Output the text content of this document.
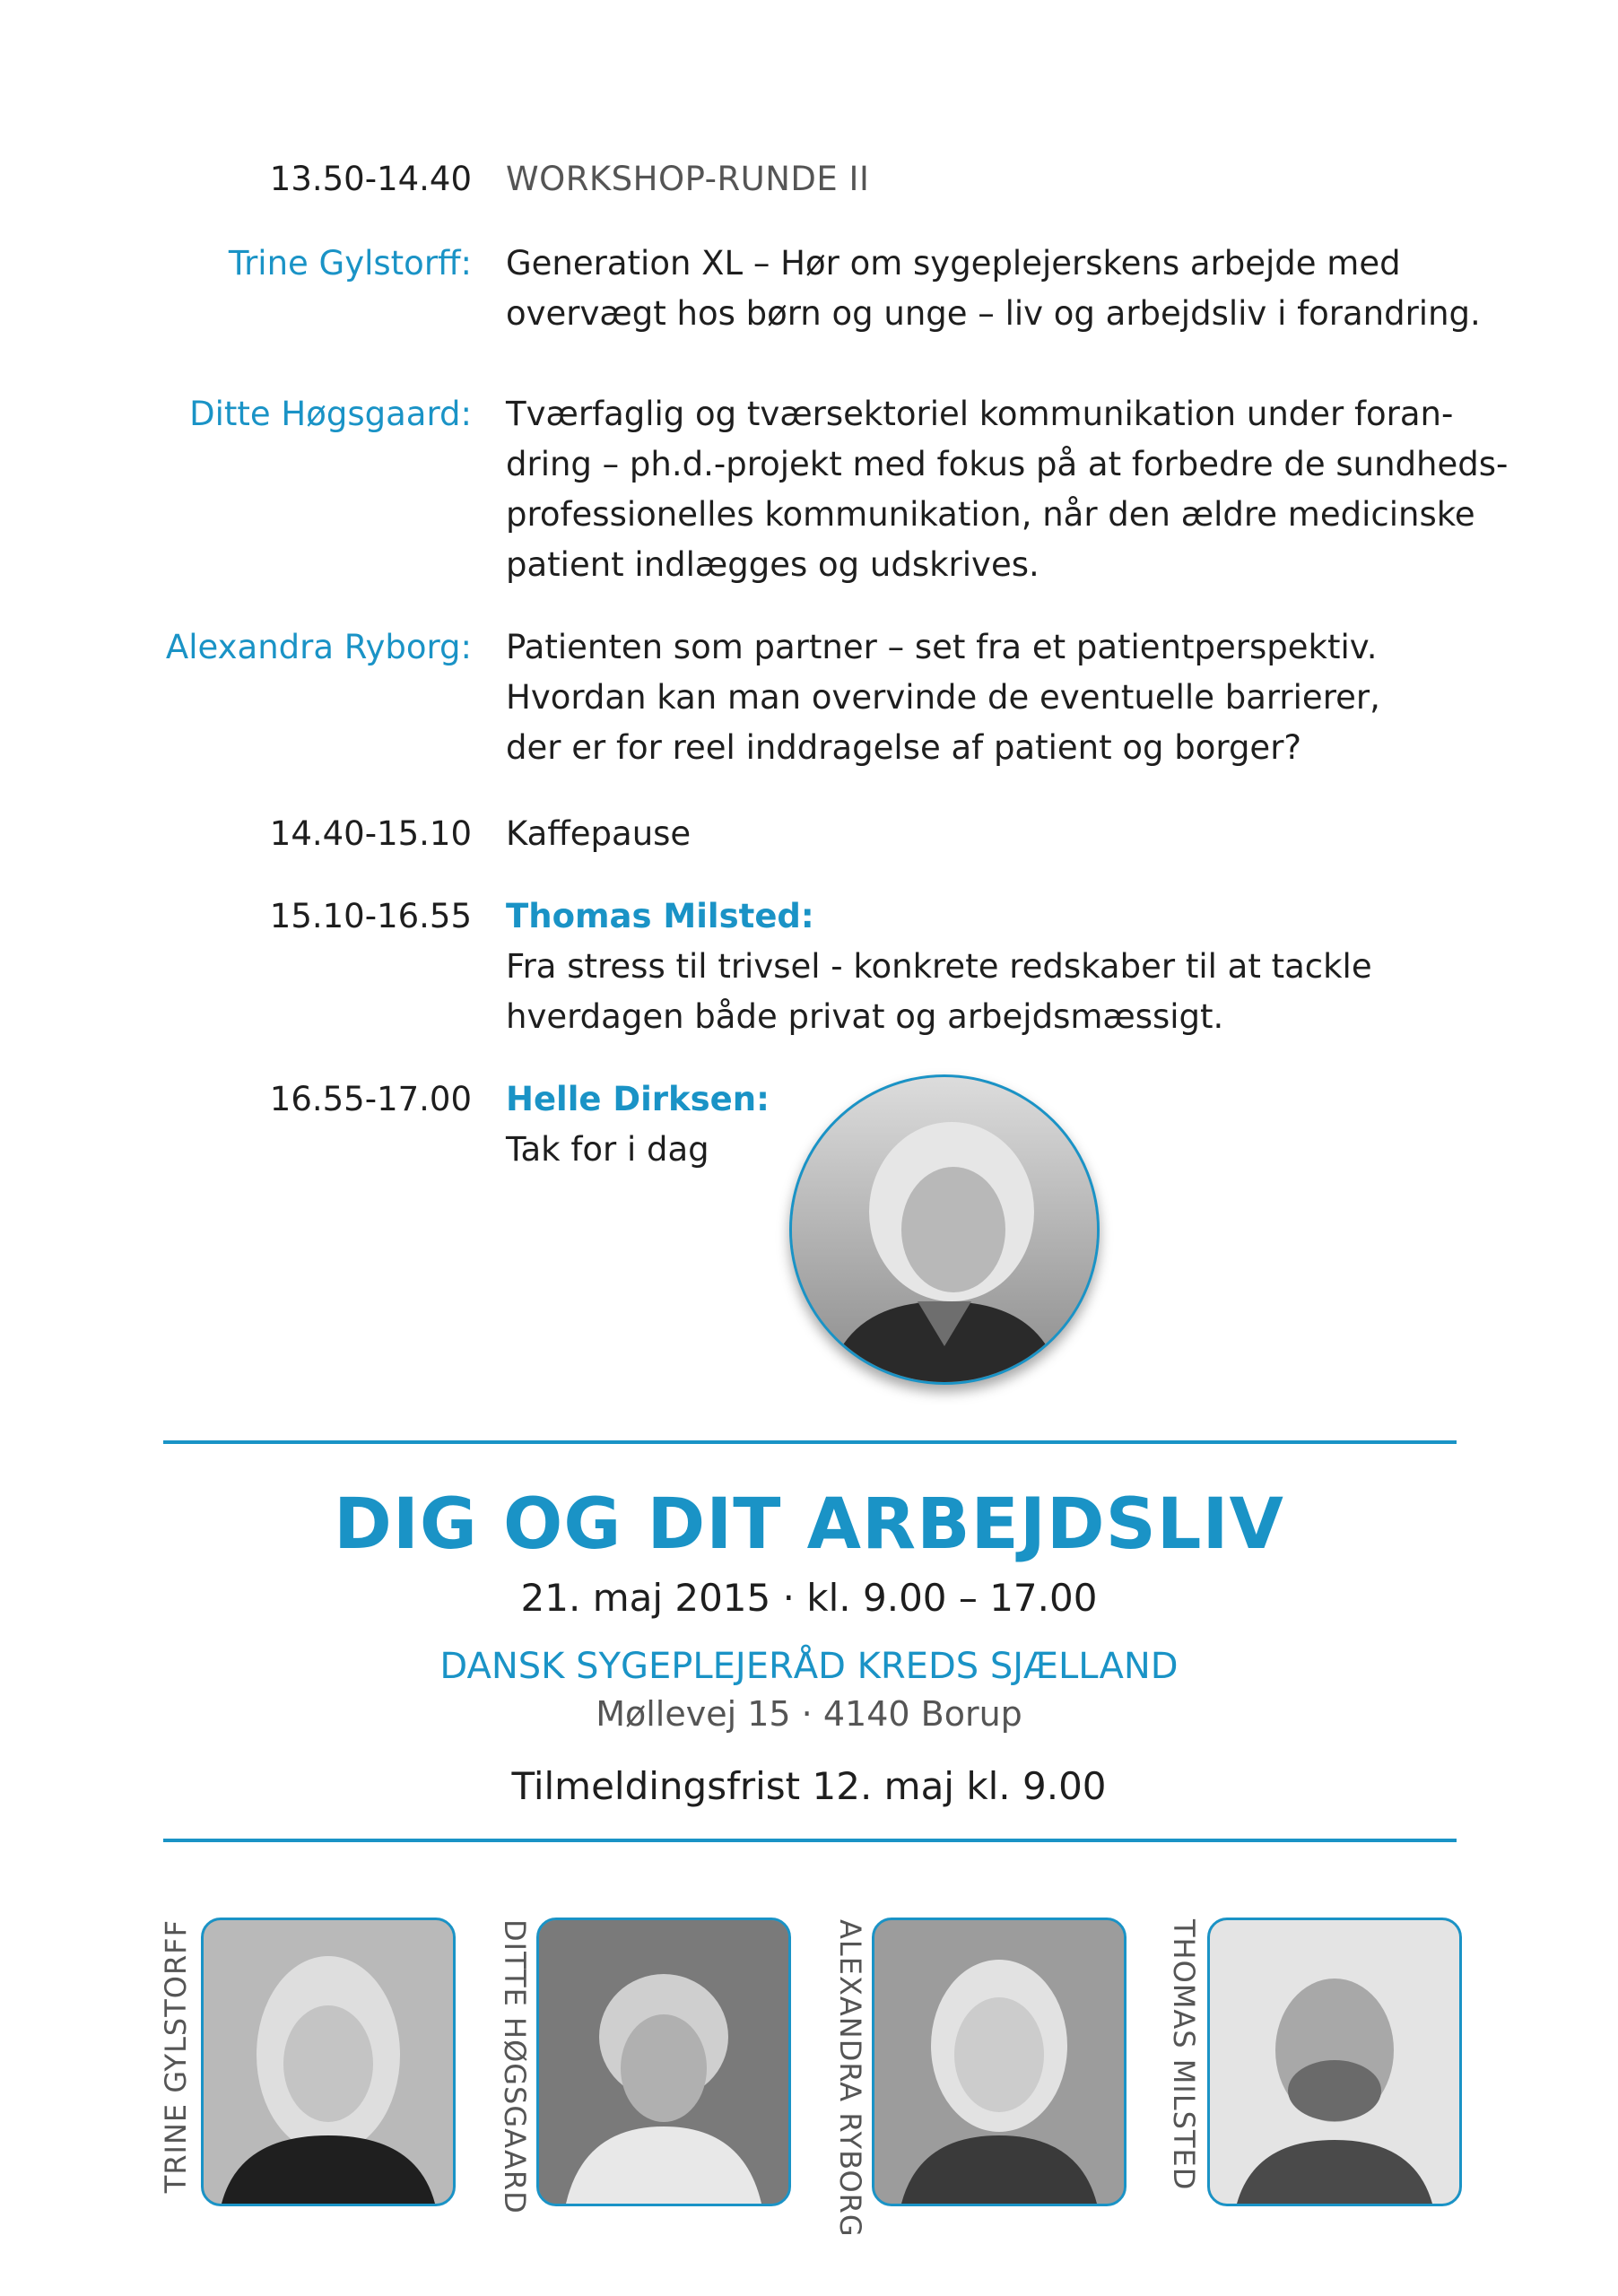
13.50-14.40 WORKSHOP-RUNDE II
Trine Gylstorff: Generation XL – Hør om sygeplejerskens arbejde med
overvægt hos børn og unge – liv og arbejdsliv i forandring.
Ditte Høgsgaard: Tværfaglig og tværsektoriel kommunikation under foran-
dring – ph.d.-projekt med fokus på at forbedre de sundheds-
professionelles kommunikation, når den ældre medicinske
patient indlægges og udskrives.
Alexandra Ryborg: Patienten som partner – set fra et patientperspektiv.
Hvordan kan man overvinde de eventuelle barrierer,
der er for reel inddragelse af patient og borger?
14.40-15.10 Kaffepause
15.10-16.55 Thomas Milsted:
Fra stress til trivsel - konkrete redskaber til at tackle
hverdagen både privat og arbejdsmæssigt.
16.55-17.00 Helle Dirksen:
Tak for i dag
DIG OG DIT ARBEJDSLIV
21. maj 2015 · kl. 9.00 – 17.00
DANSK SYGEPLEJERÅD KREDS SJÆLLAND
Møllevej 15 · 4140 Borup
Tilmeldingsfrist 12. maj kl. 9.00
TRINE GYLSTORFF	DITTE HØGSGAARD	ALEXANDRA RYBORG	THOMAS MILSTED
